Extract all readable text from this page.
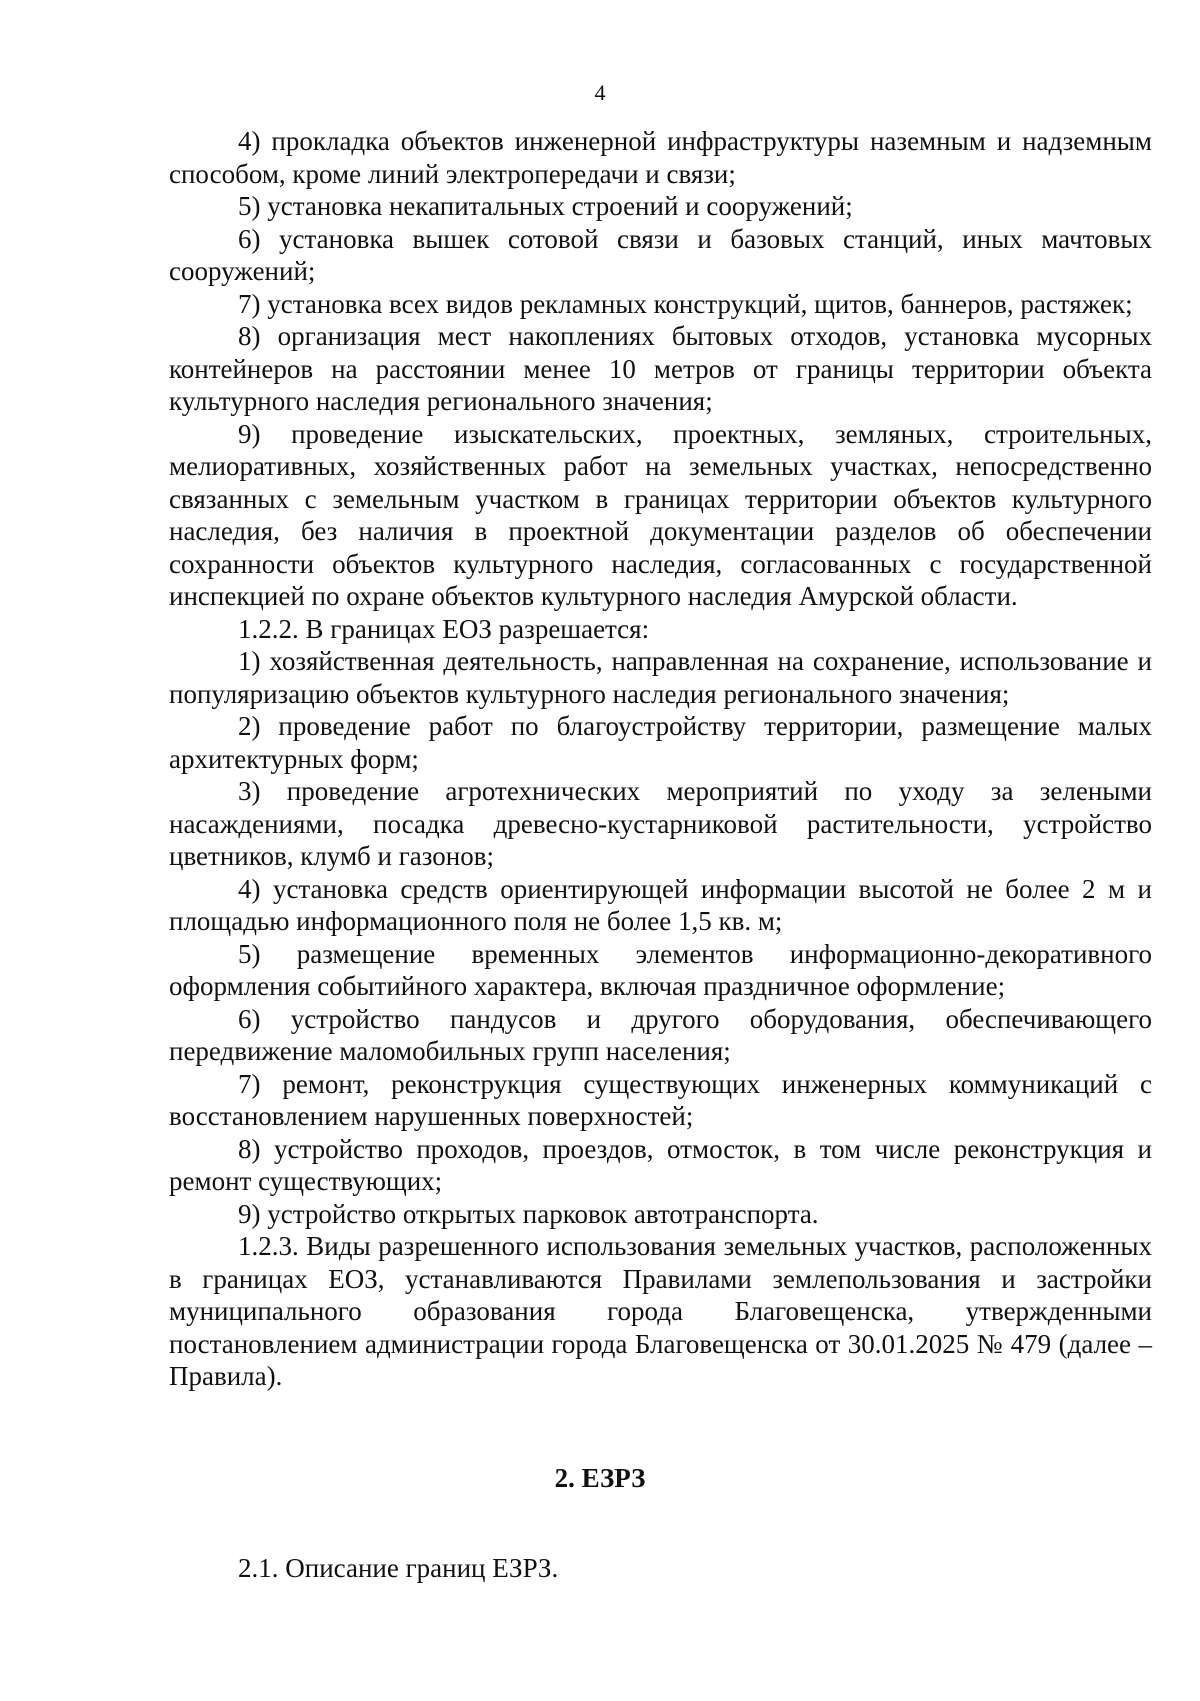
4

4) прокладка объектов инженерной инфраструктуры наземным и надземным способом, кроме линий электропередачи и связи;

5) установка некапитальных строений и сооружений;

6) установка вышек сотовой связи и базовых станций, иных мачтовых сооружений;

7) установка всех видов рекламных конструкций, щитов, баннеров, растяжек;

8) организация мест накоплениях бытовых отходов, установка мусорных контейнеров на расстоянии менее 10 метров от границы территории объекта культурного наследия регионального значения;

9) проведение изыскательских, проектных, земляных, строительных, мелиоративных, хозяйственных работ на земельных участках, непосредственно связанных с земельным участком в границах территории объектов культурного наследия, без наличия в проектной документации разделов об обеспечении сохранности объектов культурного наследия, согласованных с государственной инспекцией по охране объектов культурного наследия Амурской области.

1.2.2. В границах ЕОЗ разрешается:

1) хозяйственная деятельность, направленная на сохранение, использование и популяризацию объектов культурного наследия регионального значения;

2) проведение работ по благоустройству территории, размещение малых архитектурных форм;

3) проведение агротехнических мероприятий по уходу за зелеными насаждениями, посадка древесно-кустарниковой растительности, устройство цветников, клумб и газонов;

4) установка средств ориентирующей информации высотой не более 2 м и площадью информационного поля не более 1,5 кв. м;

5) размещение временных элементов информационно-декоративного оформления событийного характера, включая праздничное оформление;

6) устройство пандусов и другого оборудования, обеспечивающего передвижение маломобильных групп населения;

7) ремонт, реконструкция существующих инженерных коммуникаций с восстановлением нарушенных поверхностей;

8) устройство проходов, проездов, отмосток, в том числе реконструкция и ремонт существующих;

9) устройство открытых парковок автотранспорта.

1.2.3. Виды разрешенного использования земельных участков, расположенных в границах ЕОЗ, устанавливаются Правилами землепользования и застройки муниципального образования города Благовещенска, утвержденными постановлением администрации города Благовещенска от 30.01.2025 № 479 (далее – Правила).

2. ЕЗРЗ
2.1. Описание границ ЕЗРЗ.
